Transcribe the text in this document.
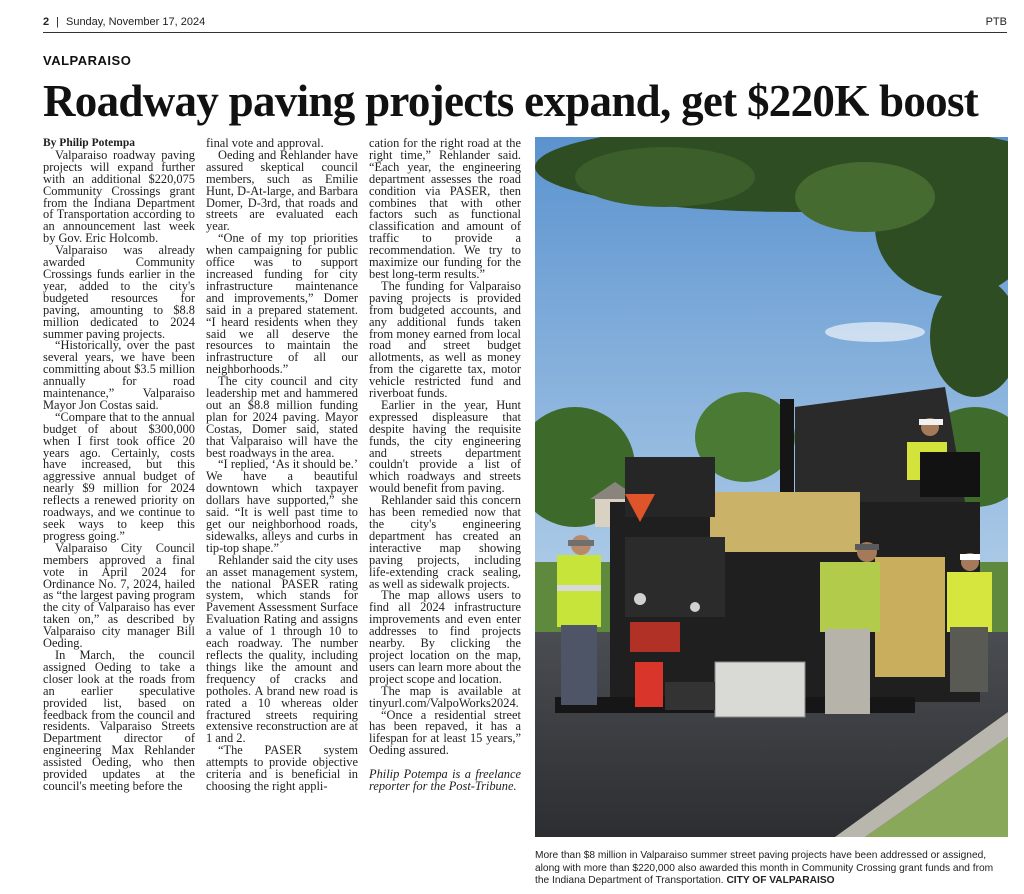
2 | Sunday, November 17, 2024	PTB
VALPARAISO
Roadway paving projects expand, get $220K boost

By Philip Potempa

Valparaiso roadway paving projects will expand further with an additional $220,075 Community Crossings grant from the Indiana Department of Transportation according to an announcement last week by Gov. Eric Holcomb.

Valparaiso was already awarded Community Crossings funds earlier in the year, added to the city's budgeted resources for paving, amounting to $8.8 million dedicated to 2024 summer paving projects.

“Historically, over the past several years, we have been committing about $3.5 million annually for road maintenance,” Valparaiso Mayor Jon Costas said.

“Compare that to the annual budget of about $300,000 when I first took office 20 years ago. Certainly, costs have increased, but this aggressive annual budget of nearly $9 million for 2024 reflects a renewed priority on roadways, and we continue to seek ways to keep this progress going.”

Valparaiso City Council members approved a final vote in April 2024 for Ordinance No. 7, 2024, hailed as “the largest paving program the city of Valparaiso has ever taken on,” as described by Valparaiso city manager Bill Oeding.

In March, the council assigned Oeding to take a closer look at the roads from an earlier speculative provided list, based on feedback from the council and residents. Valparaiso Streets Department director of engineering Max Rehlander assisted Oeding, who then provided updates at the council's meeting before the

final vote and approval.

Oeding and Rehlander have assured skeptical council members, such as Emilie Hunt, D-At-large, and Barbara Domer, D-3rd, that roads and streets are evaluated each year.

“One of my top priorities when campaigning for public office was to support increased funding for city infrastructure maintenance and improvements,” Domer said in a prepared statement. “I heard residents when they said we all deserve the resources to maintain the infrastructure of all our neighborhoods.”

The city council and city leadership met and hammered out an $8.8 million funding plan for 2024 paving. Mayor Costas, Domer said, stated that Valparaiso will have the best roadways in the area.

“I replied, ‘As it should be.’ We have a beautiful downtown which taxpayer dollars have supported,” she said. “It is well past time to get our neighborhood roads, sidewalks, alleys and curbs in tip-top shape.”

Rehlander said the city uses an asset management system, the national PASER rating system, which stands for Pavement Assessment Surface Evaluation Rating and assigns a value of 1 through 10 to each roadway. The number reflects the quality, including things like the amount and frequency of cracks and potholes. A brand new road is rated a 10 whereas older fractured streets requiring extensive reconstruction are at 1 and 2.

“The PASER system attempts to provide objective criteria and is beneficial in choosing the right appli-

cation for the right road at the right time,” Rehlander said. “Each year, the engineering department assesses the road condition via PASER, then combines that with other factors such as functional classification and amount of traffic to provide a recommendation. We try to maximize our funding for the best long-term results.”

The funding for Valparaiso paving projects is provided from budgeted accounts, and any additional funds taken from money earned from local road and street budget allotments, as well as money from the cigarette tax, motor vehicle restricted fund and riverboat funds.

Earlier in the year, Hunt expressed displeasure that despite having the requisite funds, the city engineering and streets department couldn't provide a list of which roadways and streets would benefit from paving.

Rehlander said this concern has been remedied now that the city's engineering department has created an interactive map showing paving projects, including life-extending crack sealing, as well as sidewalk projects.

The map allows users to find all 2024 infrastructure improvements and even enter addresses to find projects nearby. By clicking the project location on the map, users can learn more about the project scope and location.

The map is available at tinyurl.com/ValpoWorks2024.

“Once a residential street has been repaved, it has a lifespan for at least 15 years,” Oeding assured.

Philip Potempa is a freelance reporter for the Post-Tribune.

More than $8 million in Valparaiso summer street paving projects have been addressed or assigned, along with more than $220,000 also awarded this month in Community Crossing grant funds and from the Indiana Department of Transportation. CITY OF VALPARAISO
